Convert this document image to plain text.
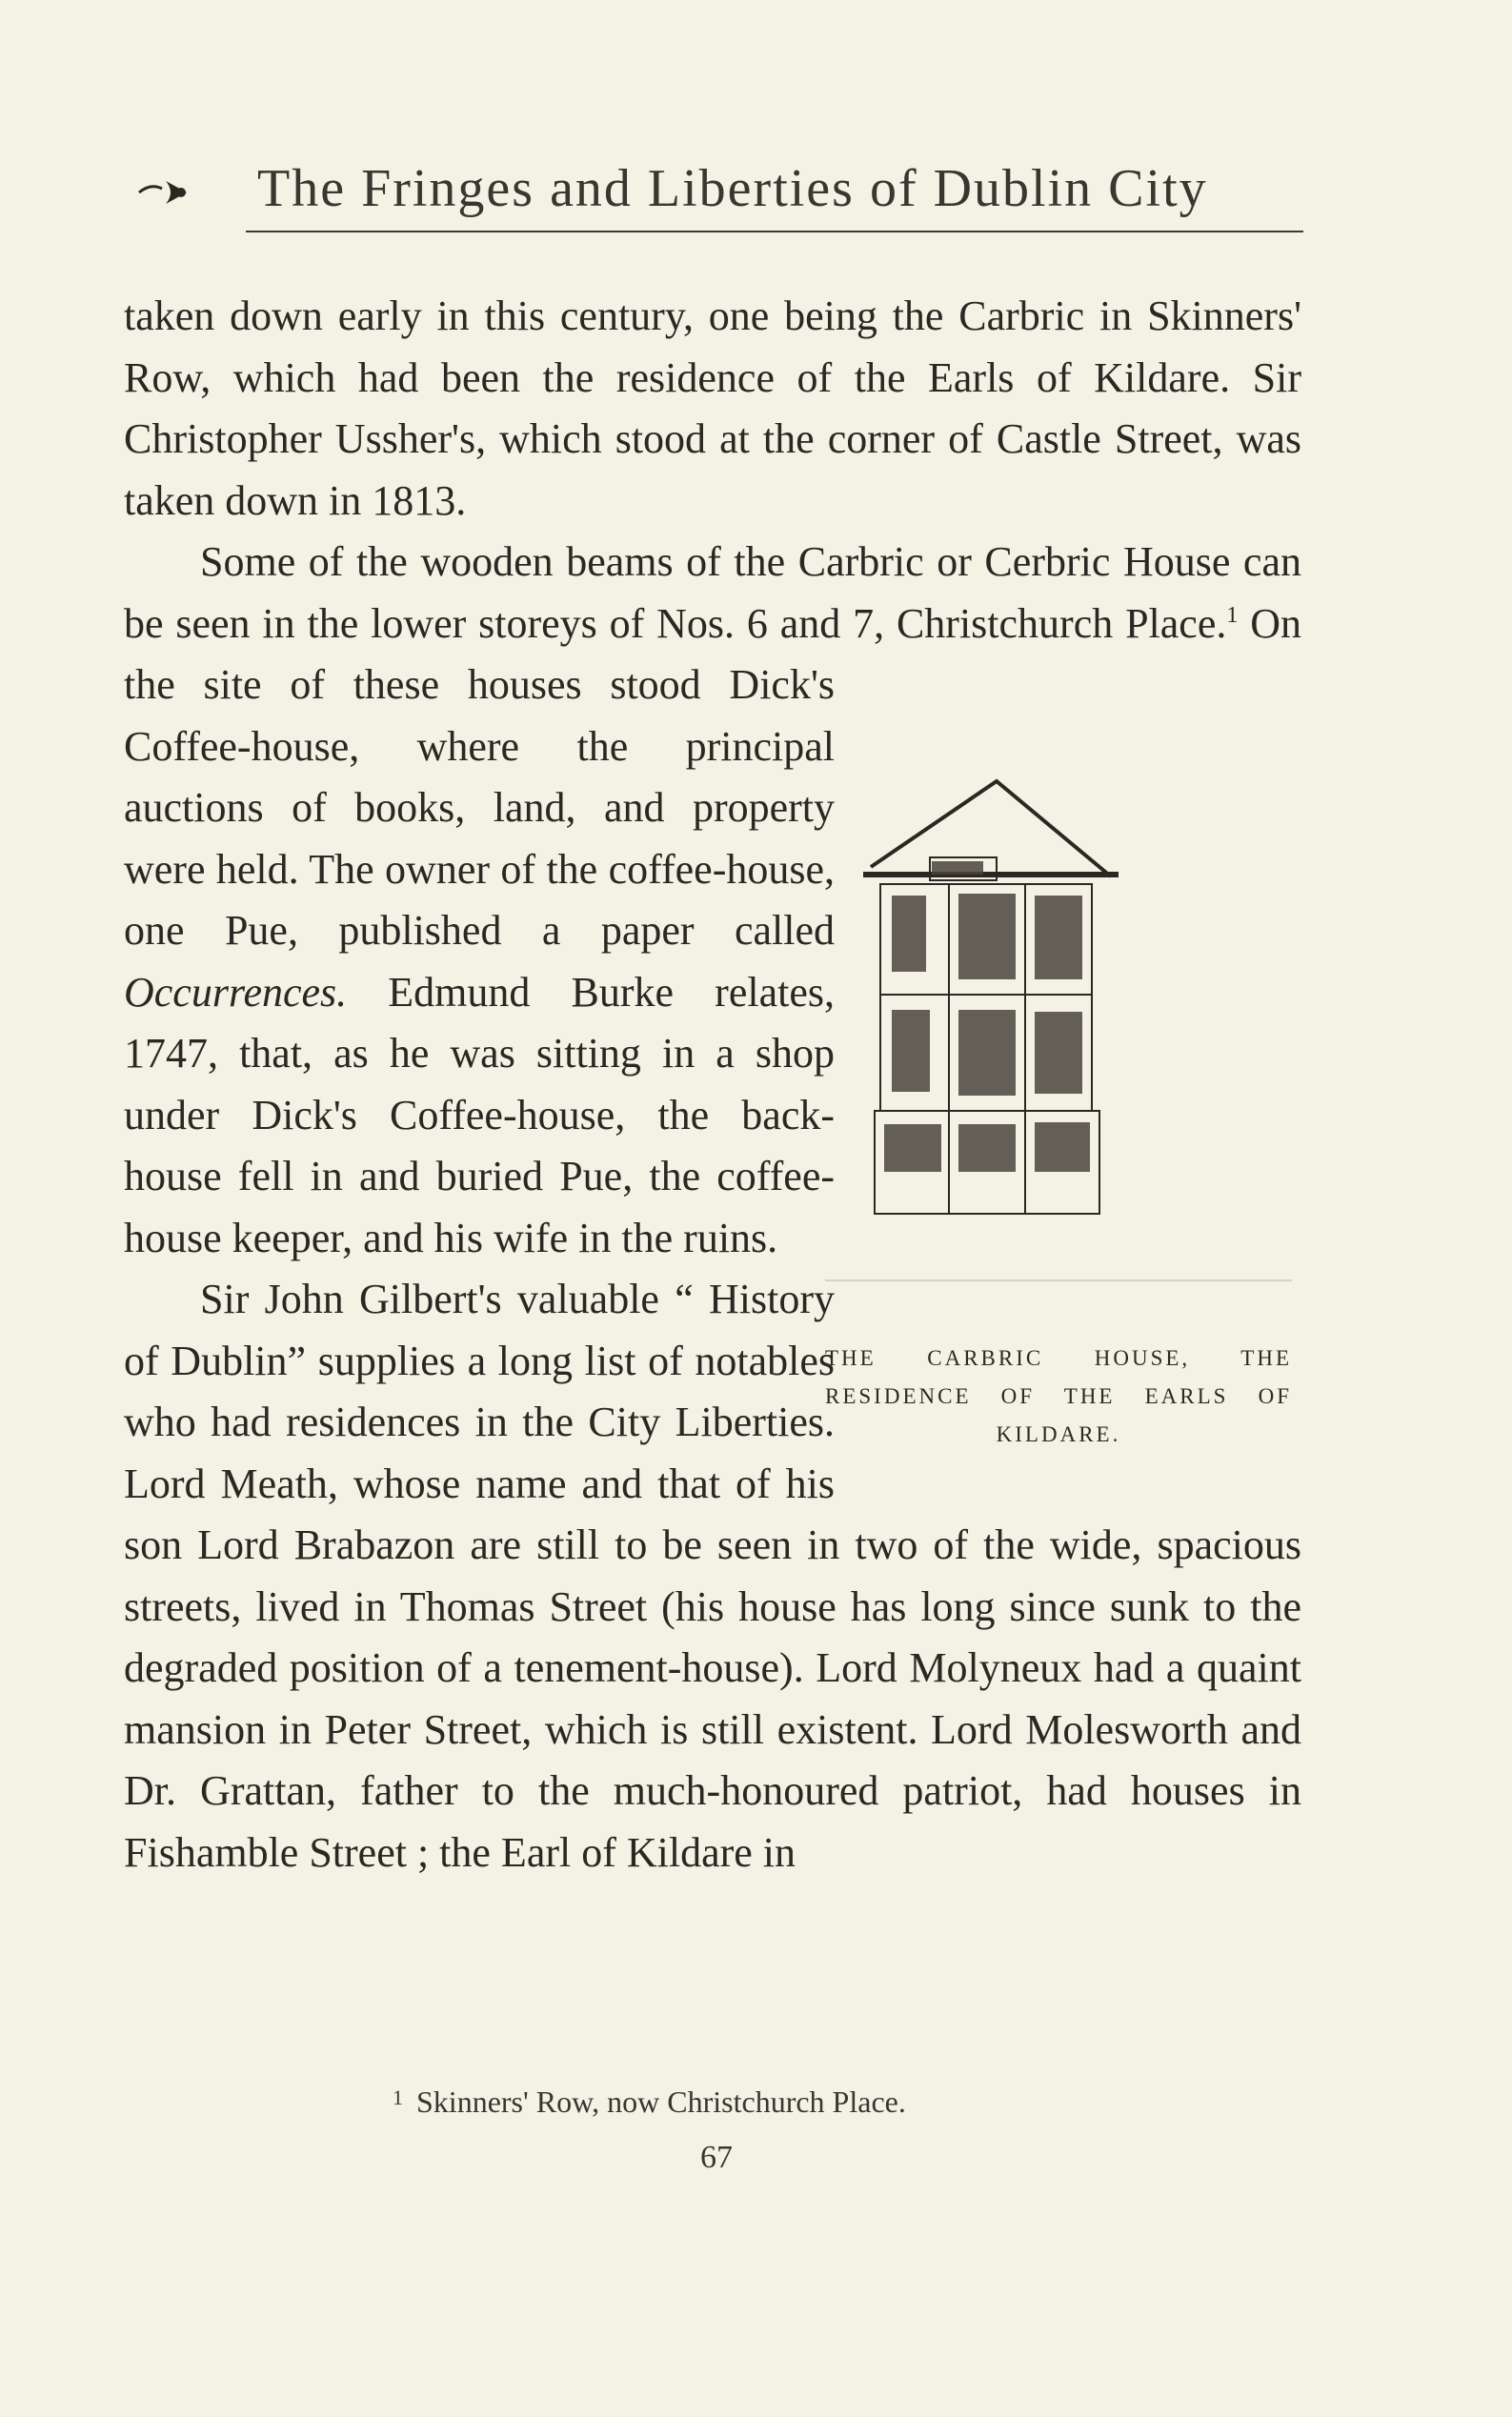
The Fringes and Liberties of Dublin City

taken down early in this century, one being the Carbric in Skinners' Row, which had been the residence of the Earls of Kildare. Sir Christopher Ussher's, which stood at the corner of Castle Street, was taken down in 1813.

Some of the wooden beams of the Carbric or Cerbric House can be seen in the lower storeys of Nos. 6 and 7, Christchurch Place.$^1$
On the site of these houses stood Dick's Coffee-house, where the principal auctions of books, land, and property were held. The owner of the coffee-house, one Pue, published a paper called Occurrences. Edmund Burke relates, 1747, that, as he was sitting in a shop under Dick's Coffee-house, the back-house fell in and buried Pue, the coffee-house keeper, and his wife in the ruins.

Sir John Gilbert's valuable “ History of Dublin” supplies a long list of notables who had residences in the City Liberties. Lord Meath, whose name and that of his son Lord Brabazon are still to be seen in two of the wide, spacious streets, lived in Thomas Street (his house has long since sunk to the degraded position of a tenement-house). Lord Molyneux had a quaint mansion in Peter Street, which is still existent. Lord Molesworth and Dr. Grattan, father to the much-honoured patriot, had houses in Fishamble Street ; the Earl of Kildare in

THE CARBRIC HOUSE, THE RESIDENCE OF THE EARLS OF KILDARE.
$^1$ Skinners' Row, now Christchurch Place.
67
